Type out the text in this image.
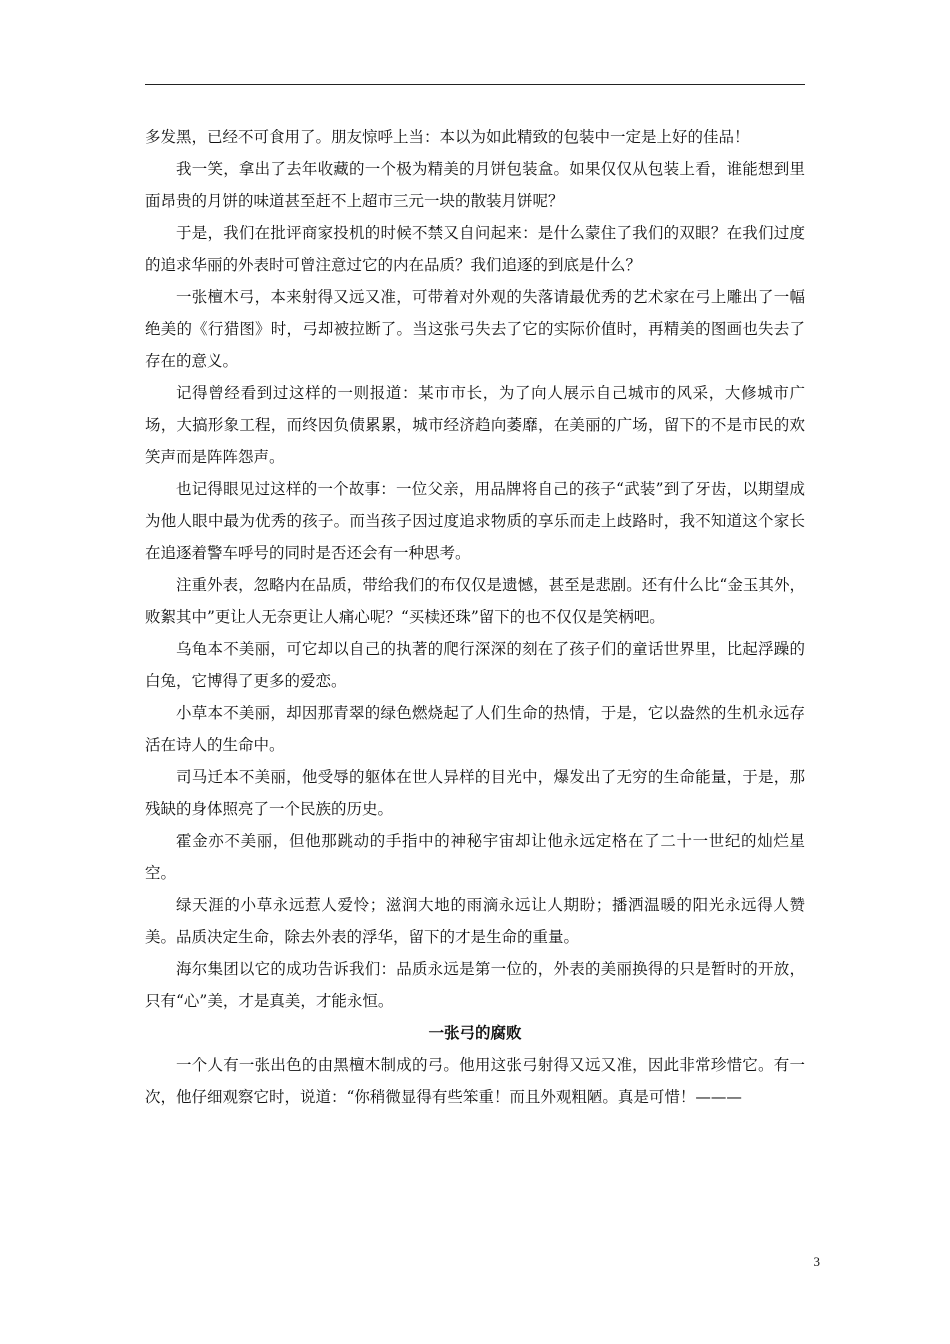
多发黑，已经不可食用了。朋友惊呼上当：本以为如此精致的包装中一定是上好的佳品！

我一笑，拿出了去年收藏的一个极为精美的月饼包装盒。如果仅仅从包装上看，谁能想到里面昂贵的月饼的味道甚至赶不上超市三元一块的散装月饼呢？

于是，我们在批评商家投机的时候不禁又自问起来：是什么蒙住了我们的双眼？在我们过度的追求华丽的外表时可曾注意过它的内在品质？我们追逐的到底是什么？

一张檀木弓，本来射得又远又准，可带着对外观的失落请最优秀的艺术家在弓上雕出了一幅绝美的《行猎图》时，弓却被拉断了。当这张弓失去了它的实际价值时，再精美的图画也失去了存在的意义。

记得曾经看到过这样的一则报道：某市市长，为了向人展示自己城市的风采，大修城市广场，大搞形象工程，而终因负债累累，城市经济趋向萎靡，在美丽的广场，留下的不是市民的欢笑声而是阵阵怨声。

也记得眼见过这样的一个故事：一位父亲，用品牌将自己的孩子“武装”到了牙齿，以期望成为他人眼中最为优秀的孩子。而当孩子因过度追求物质的享乐而走上歧路时，我不知道这个家长在追逐着警车呼号的同时是否还会有一种思考。

注重外表，忽略内在品质，带给我们的布仅仅是遗憾，甚至是悲剧。还有什么比“金玉其外，败絮其中”更让人无奈更让人痛心呢？“买椟还珠”留下的也不仅仅是笑柄吧。

乌龟本不美丽，可它却以自己的执著的爬行深深的刻在了孩子们的童话世界里，比起浮躁的白兔，它博得了更多的爱恋。

小草本不美丽，却因那青翠的绿色燃烧起了人们生命的热情，于是，它以盎然的生机永远存活在诗人的生命中。

司马迁本不美丽，他受辱的躯体在世人异样的目光中，爆发出了无穷的生命能量，于是，那残缺的身体照亮了一个民族的历史。

霍金亦不美丽，但他那跳动的手指中的神秘宇宙却让他永远定格在了二十一世纪的灿烂星空。

绿天涯的小草永远惹人爱怜；滋润大地的雨滴永远让人期盼；播洒温暖的阳光永远得人赞美。品质决定生命，除去外表的浮华，留下的才是生命的重量。

海尔集团以它的成功告诉我们：品质永远是第一位的，外表的美丽换得的只是暂时的开放，只有“心”美，才是真美，才能永恒。

一张弓的腐败

一个人有一张出色的由黑檀木制成的弓。他用这张弓射得又远又准，因此非常珍惜它。有一次，他仔细观察它时，说道：“你稍微显得有些笨重！而且外观粗陋。真是可惜！———

3
